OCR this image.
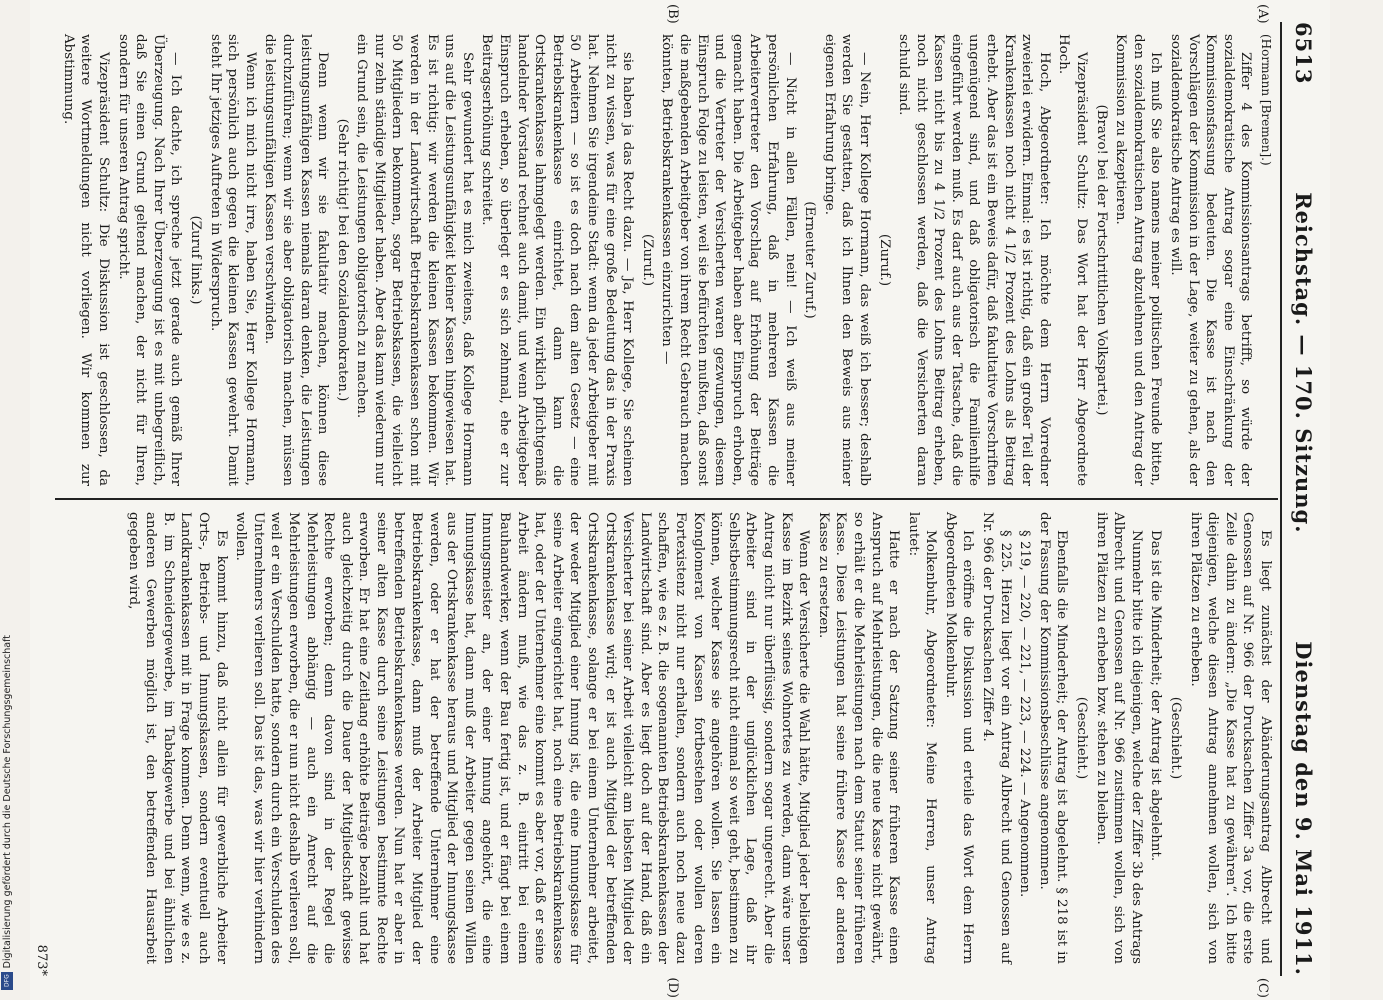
Digitalisierung gefördert durch die Deutsche Forschungsgemeinschaft
DFG
6513
Reichstag. — 170. Sitzung.
Dienstag den 9. Mai 1911.
(A)
(B)
(C)
(D)

(Hormann [Bremen].)

Ziffer 4 des Kommissionsantrags betrifft, so würde der sozialdemokratische Antrag sogar eine Einschränkung der Kommissionsfassung bedeuten. Die Kasse ist nach den Vorschlägen der Kommission in der Lage, weiter zu gehen, als der sozialdemokratische Antrag es will.

Ich muß Sie also namens meiner politischen Freunde bitten, den sozialdemokratischen Antrag abzulehnen und den Antrag der Kommission zu akzeptieren.

(Bravo! bei der Fortschrittlichen Volkspartei.)

Vizepräsident Schultz: Das Wort hat der Herr Abgeordnete Hoch.

Hoch, Abgeordneter: Ich möchte dem Herrn Vorredner zweierlei erwidern. Einmal: es ist richtig, daß ein großer Teil der Krankenkassen noch nicht 4 1/2 Prozent des Lohns als Beitrag erhebt. Aber das ist ein Beweis dafür, daß fakultative Vorschriften ungenügend sind, und daß obligatorisch die Familienhilfe eingeführt werden muß. Es darf auch aus der Tatsache, daß die Kassen nicht bis zu 4 1/2 Prozent des Lohns Beitrag erheben, noch nicht geschlossen werden, daß die Versicherten daran schuld sind.

(Zuruf.)

— Nein, Herr Kollege Hormann, das weiß ich besser; deshalb werden Sie gestatten, daß ich Ihnen den Beweis aus meiner eigenen Erfahrung bringe.

(Erneuter Zuruf.)

— Nicht in allen Fällen, nein! — Ich weiß aus meiner persönlichen Erfahrung, daß in mehreren Kassen die Arbeitervertreter den Vorschlag auf Erhöhung der Beiträge gemacht haben. Die Arbeitgeber haben aber Einspruch erhoben, und die Vertreter der Versicherten waren gezwungen, diesem Einspruch Folge zu leisten, weil sie befürchten mußten, daß sonst die maßgebenden Arbeitgeber von ihrem Recht Gebrauch machen könnten, Betriebskrankenkassen einzurichten —

(Zuruf.)

sie haben ja das Recht dazu. — Ja, Herr Kollege, Sie scheinen nicht zu wissen, was für eine große Bedeutung das in der Praxis hat. Nehmen Sie irgendeine Stadt: wenn da jeder Arbeitgeber mit 50 Arbeitern — so ist es doch nach dem alten Gesetz — eine Betriebskrankenkasse einrichtet, dann kann die Ortskrankenkasse lahmgelegt werden. Ein wirklich pflichtgemäß handelnder Vorstand rechnet auch damit, und wenn Arbeitgeber Einspruch erheben, so überlegt er es sich zehnmal, ehe er zur Beitragserhöhung schreitet.

Sehr gewundert hat es mich zweitens, daß Kollege Hormann uns auf die Leistungsunfähigkeit kleiner Kassen hingewiesen hat. Es ist richtig: wir werden die kleinen Kassen bekommen. Wir werden in der Landwirtschaft Betriebskrankenkassen schon mit 50 Mitgliedern bekommen, sogar Betriebskassen, die vielleicht nur zehn ständige Mitglieder haben. Aber das kann wiederum nur ein Grund sein, die Leistungen obligatorisch zu machen.

(Sehr richtig! bei den Sozialdemokraten.)

Denn wenn wir sie fakultativ machen, können diese leistungsunfähigen Kassen niemals daran denken, die Leistungen durchzuführen; wenn wir sie aber obligatorisch machen, müssen die leistungsunfähigen Kassen verschwinden.

Wenn ich mich nicht irre, haben Sie, Herr Kollege Hormann, sich persönlich auch gegen die kleinen Kassen gewehrt. Damit steht Ihr jetziges Auftreten in Widerspruch.

(Zuruf links.)

— Ich dachte, ich spreche jetzt gerade auch gemäß Ihrer Überzeugung. Nach Ihrer Überzeugung ist es mit unbegreiflich, daß Sie einen Grund geltend machen, der nicht für Ihren, sondern für unseren Antrag spricht.

Vizepräsident Schultz: Die Diskussion ist geschlossen, da weitere Wortmeldungen nicht vorliegen. Wir kommen zur Abstimmung.

Es liegt zunächst der Abänderungsantrag Albrecht und Genossen auf Nr. 966 der Drucksachen Ziffer 3a vor, die erste Zeile dahin zu ändern: „Die Kasse hat zu gewähren“. Ich bitte diejenigen, welche diesen Antrag annehmen wollen, sich von ihren Plätzen zu erheben.

(Geschieht.)

Das ist die Minderheit; der Antrag ist abgelehnt.

Nunmehr bitte ich diejenigen, welche der Ziffer 3b des Antrags Albrecht und Genossen auf Nr. 966 zustimmen wollen, sich von ihren Plätzen zu erheben bzw. stehen zu bleiben.

(Geschieht.)

Ebenfalls die Minderheit; der Antrag ist abgelehnt. § 218 ist in der Fassung der Kommissionsbeschlüsse angenommen.

§ 219, — 220, — 221, — 223, — 224. — Angenommen.

§ 225. Hierzu liegt vor ein Antrag Albrecht und Genossen auf Nr. 966 der Drucksachen Ziffer 4.

Ich eröffne die Diskussion und erteile das Wort dem Herrn Abgeordneten Molkenbuhr.

Molkenbuhr, Abgeordneter: Meine Herren, unser Antrag lautet:

Hatte er nach der Satzung seiner früheren Kasse einen Anspruch auf Mehrleistungen, die die neue Kasse nicht gewährt, so erhält er die Mehrleistungen nach dem Statut seiner früheren Kasse. Diese Leistungen hat seine frühere Kasse der anderen Kasse zu ersetzen.

Wenn der Versicherte die Wahl hätte, Mitglied jeder beliebigen Kasse im Bezirk seines Wohnortes zu werden, dann wäre unser Antrag nicht nur überflüssig, sondern sogar ungerecht. Aber die Arbeiter sind in der unglücklichen Lage, daß ihr Selbstbestimmungsrecht nicht einmal so weit geht, bestimmen zu können, welcher Kasse sie angehören wollen. Sie lassen ein Konglomerat von Kassen fortbestehen oder wollen deren Fortexistenz nicht nur erhalten, sondern auch noch neue dazu schaffen, wie es z. B. die sogenannten Betriebskrankenkassen der Landwirtschaft sind. Aber es liegt doch auf der Hand, daß ein Versicherter bei seiner Arbeit vielleicht am liebsten Mitglied der Ortskrankenkasse wird; er ist auch Mitglied der betreffenden Ortskrankenkasse, solange er bei einem Unternehmer arbeitet, der weder Mitglied einer Innung ist, die eine Innungskasse für seine Arbeiter eingerichtet hat, noch eine Betriebskrankenkasse hat, oder der Unternehmer eine kommt es aber vor, daß er seine Arbeit ändern muß, wie das z. B. eintritt bei einem Bauhandwerker, wenn der Bau fertig ist, und er fängt bei einem Innungsmeister an, der einer Innung angehört, die eine Innungskasse hat, dann muß der Arbeiter gegen seinen Willen aus der Ortskrankenkasse heraus und Mitglied der Innungskasse werden, oder er hat der betreffende Unternehmer eine Betriebskrankenkasse, dann muß der Arbeiter Mitglied der betreffenden Betriebskrankenkasse werden. Nun hat er aber in seiner alten Kasse durch seine Leistungen bestimmte Rechte erworben. Er hat eine Zeitlang erhöhte Beiträge bezahlt und hat auch gleichzeitig durch die Dauer der Mitgliedschaft gewisse Rechte erworben; denn davon sind in der Regel die Mehrleistungen abhängig — auch ein Anrecht auf die Mehrleistungen erworben, die er nun nicht deshalb verlieren soll, weil er ein Verschulden hatte, sondern durch ein Verschulden des Unternehmers verlieren soll. Das ist das, was wir hier verhindern wollen.

Es kommt hinzu, daß nicht allein für gewerbliche Arbeiter Orts-, Betriebs- und Innungskassen, sondern eventuell auch Landkrankenkassen mit in Frage kommen. Denn wenn, wie es z. B. im Schneidergewerbe, im Tabakgewerbe und bei ähnlichen anderen Gewerben möglich ist, den betreffenden Hausarbeit gegeben wird,

873*
